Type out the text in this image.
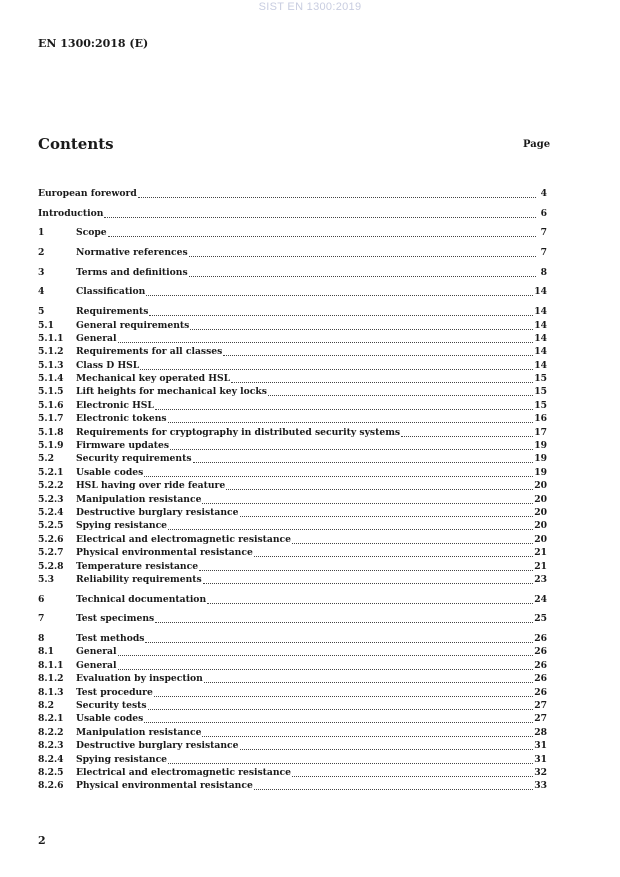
SIST EN 1300:2019
EN 1300:2018 (E)
Contents	Page
European foreword	4
Introduction	6
1	Scope	7
2	Normative references	7
3	Terms and definitions	8
4	Classification	14
5	Requirements	14
5.1	General requirements	14
5.1.1	General	14
5.1.2	Requirements for all classes	14
5.1.3	Class D HSL	14
5.1.4	Mechanical key operated HSL	15
5.1.5	Lift heights for mechanical key locks	15
5.1.6	Electronic HSL	15
5.1.7	Electronic tokens	16
5.1.8	Requirements for cryptography in distributed security systems	17
5.1.9	Firmware updates	19
5.2	Security requirements	19
5.2.1	Usable codes	19
5.2.2	HSL having over ride feature	20
5.2.3	Manipulation resistance	20
5.2.4	Destructive burglary resistance	20
5.2.5	Spying resistance	20
5.2.6	Electrical and electromagnetic resistance	20
5.2.7	Physical environmental resistance	21
5.2.8	Temperature resistance	21
5.3	Reliability requirements	23
6	Technical documentation	24
7	Test specimens	25
8	Test methods	26
8.1	General	26
8.1.1	General	26
8.1.2	Evaluation by inspection	26
8.1.3	Test procedure	26
8.2	Security tests	27
8.2.1	Usable codes	27
8.2.2	Manipulation resistance	28
8.2.3	Destructive burglary resistance	31
8.2.4	Spying resistance	31
8.2.5	Electrical and electromagnetic resistance	32
8.2.6	Physical environmental resistance	33
2
